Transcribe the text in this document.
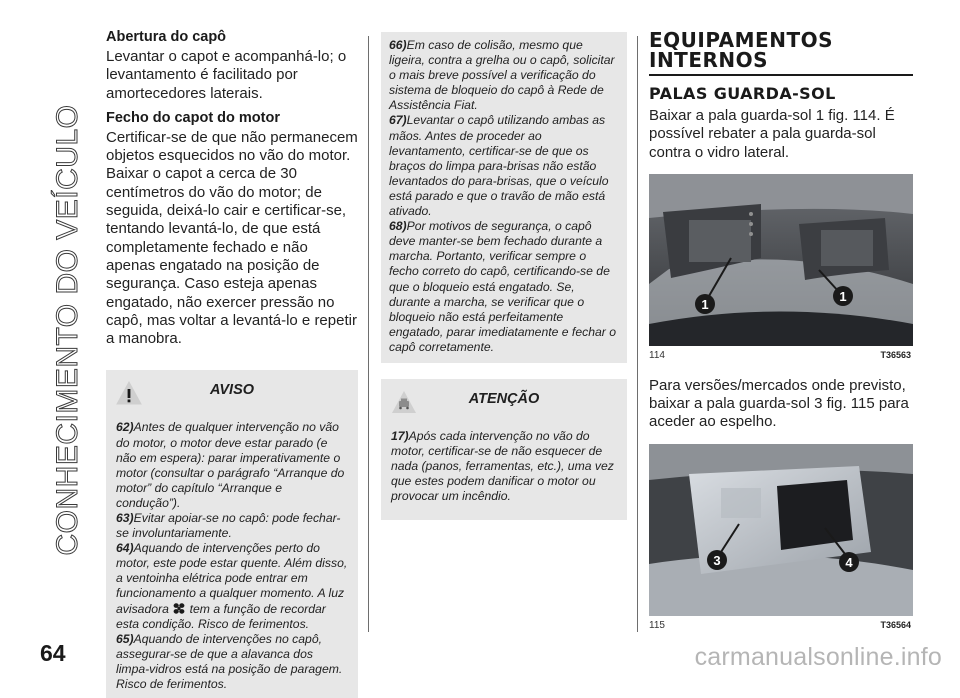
CONHECIMENTO DO VEÍCULO
Abertura do capô
Levantar o capot e acompanhá-lo; o levantamento é facilitado por amortecedores laterais.
Fecho do capot do motor
Certificar-se de que não permanecem objetos esquecidos no vão do motor. Baixar o capot a cerca de 30 centímetros do vão do motor; de seguida, deixá-lo cair e certificar-se, tentando levantá-lo, de que está completamente fechado e não apenas engatado na posição de segurança. Caso esteja apenas engatado, não exercer pressão no capô, mas voltar a levantá-lo e repetir a manobra.
AVISO
62)Antes de qualquer intervenção no vão do motor, o motor deve estar parado (e não em espera): parar imperativamente o motor (consultar o parágrafo “Arranque do motor” do capítulo “Arranque e condução”).
63)Evitar apoiar-se no capô: pode fechar-se involuntariamente.
64)Aquando de intervenções perto do motor, este pode estar quente. Além disso, a ventoinha elétrica pode entrar em funcionamento a qualquer momento. A luz avisadora tem a função de recordar esta condição. Risco de ferimentos.
65)Aquando de intervenções no capô, assegurar-se de que a alavanca dos limpa-vidros está na posição de paragem. Risco de ferimentos.
66)Em caso de colisão, mesmo que ligeira, contra a grelha ou o capô, solicitar o mais breve possível a verificação do sistema de bloqueio do capô à Rede de Assistência Fiat.
67)Levantar o capô utilizando ambas as mãos. Antes de proceder ao levantamento, certificar-se de que os braços do limpa para-brisas não estão levantados do para-brisas, que o veículo está parado e que o travão de mão está ativado.
68)Por motivos de segurança, o capô deve manter-se bem fechado durante a marcha. Portanto, verificar sempre o fecho correto do capô, certificando-se de que o bloqueio está engatado. Se, durante a marcha, se verificar que o bloqueio não está perfeitamente engatado, parar imediatamente e fechar o capô corretamente.
ATENÇÃO
17)Após cada intervenção no vão do motor, certificar-se de não esquecer de nada (panos, ferramentas, etc.), uma vez que estes podem danificar o motor ou provocar um incêndio.
EQUIPAMENTOS
INTERNOS
PALAS GUARDA-SOL
Baixar a pala guarda-sol 1 fig. 114. É possível rebater a pala guarda-sol contra o vidro lateral.
1
1
114	T36563
Para versões/mercados onde previsto, baixar a pala guarda-sol 3 fig. 115 para aceder ao espelho.
3	4
115	T36564
64	carmanualsonline.info
